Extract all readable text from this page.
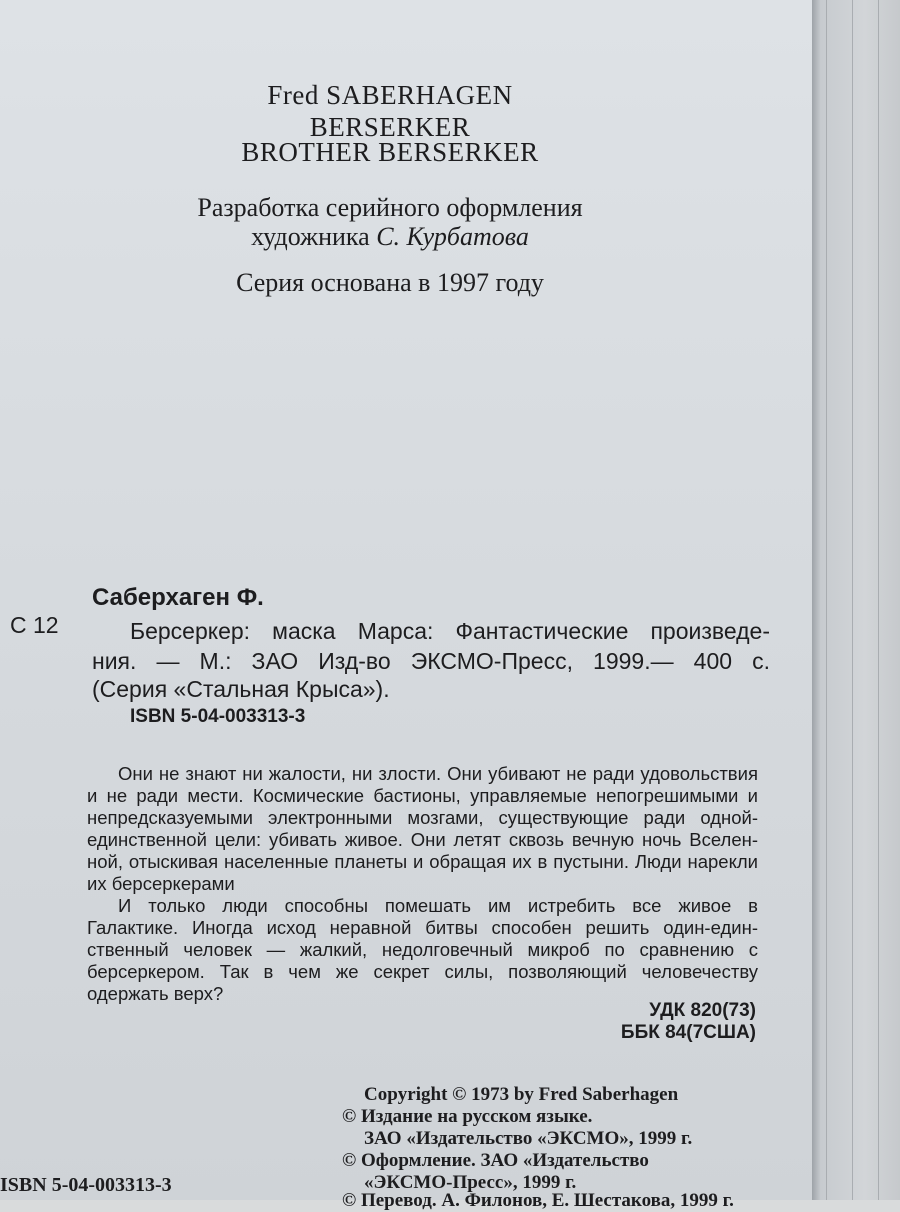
Fred SABERHAGEN
BERSERKER
BROTHER BERSERKER
Разработка серийного оформления
художника С. Курбатова
Серия основана в 1997 году
Саберхаген Ф.
С 12	Берсеркер: маска Марса: Фантастические произведе-
ния. — М.: ЗАО Изд-во ЭКСМО-Пресс, 1999.— 400 с.
(Серия «Стальная Крыса»).
ISBN 5-04-003313-3
Они не знают ни жалости, ни злости. Они убивают не ради удовольствия
и не ради мести. Космические бастионы, управляемые непогрешимыми и
непредсказуемыми электронными мозгами, существующие ради одной-
единственной цели: убивать живое. Они летят сквозь вечную ночь Вселен-
ной, отыскивая населенные планеты и обращая их в пустыни. Люди нарекли
их берсеркерами
И только люди способны помешать им истребить все живое в
Галактике. Иногда исход неравной битвы способен решить один-един-
ственный человек — жалкий, недолговечный микроб по сравнению с
берсеркером. Так в чем же секрет силы, позволяющий человечеству
одержать верх?
УДК 820(73)
ББК 84(7США)
Copyright © 1973 by Fred Saberhagen
© Издание на русском языке.
ЗАО «Издательство «ЭКСМО», 1999 г.
© Оформление. ЗАО «Издательство
«ЭКСМО-Пресс», 1999 г.
© Перевод. А. Филонов, Е. Шестакова, 1999 г.
ISBN 5-04-003313-3
